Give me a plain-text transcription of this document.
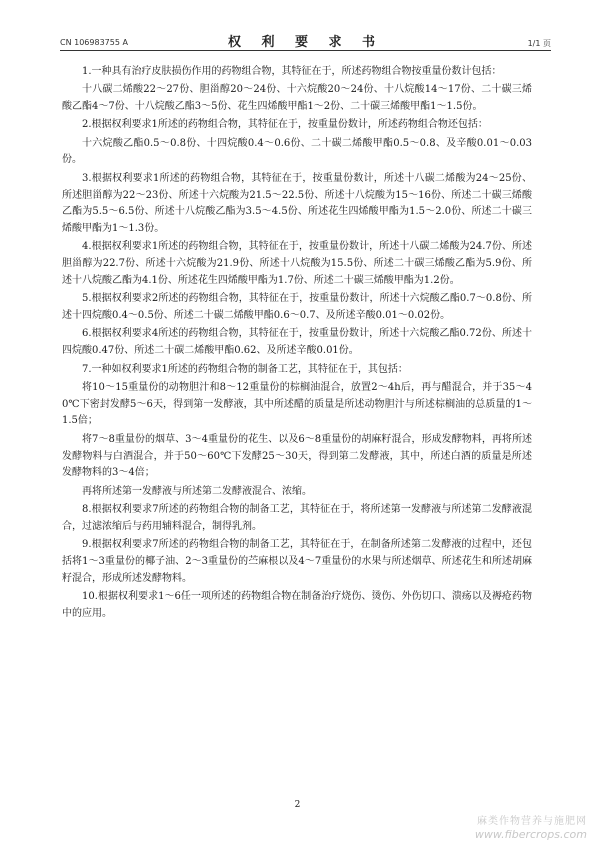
CN 106983755 A	权 利 要 求 书	1/1 页

1.一种具有治疗皮肤损伤作用的药物组合物，其特征在于，所述药物组合物按重量份数计包括：

十八碳二烯酸22～27份、胆甾醇20～24份、十六烷酸20～24份、十八烷酸14～17份、二十碳三烯酸乙酯4～7份、十八烷酸乙酯3～5份、花生四烯酸甲酯1～2份、二十碳三烯酸甲酯1～1.5份。

2.根据权利要求1所述的药物组合物，其特征在于，按重量份数计，所述药物组合物还包括：

十六烷酸乙酯0.5～0.8份、十四烷酸0.4～0.6份、二十碳二烯酸甲酯0.5～0.8、及辛酸0.01～0.03份。

3.根据权利要求1所述的药物组合物，其特征在于，按重量份数计，所述十八碳二烯酸为24～25份、所述胆甾醇为22～23份、所述十六烷酸为21.5～22.5份、所述十八烷酸为15～16份、所述二十碳三烯酸乙酯为5.5～6.5份、所述十八烷酸乙酯为3.5～4.5份、所述花生四烯酸甲酯为1.5～2.0份、所述二十碳三烯酸甲酯为1～1.3份。

4.根据权利要求1所述的药物组合物，其特征在于，按重量份数计，所述十八碳二烯酸为24.7份、所述胆甾醇为22.7份、所述十六烷酸为21.9份、所述十八烷酸为15.5份、所述二十碳三烯酸乙酯为5.9份、所述十八烷酸乙酯为4.1份、所述花生四烯酸甲酯为1.7份、所述二十碳三烯酸甲酯为1.2份。

5.根据权利要求2所述的药物组合物，其特征在于，按重量份数计，所述十六烷酸乙酯0.7～0.8份、所述十四烷酸0.4～0.5份、所述二十碳二烯酸甲酯0.6～0.7、及所述辛酸0.01～0.02份。

6.根据权利要求4所述的药物组合物，其特征在于，按重量份数计，所述十六烷酸乙酯0.72份、所述十四烷酸0.47份、所述二十碳二烯酸甲酯0.62、及所述辛酸0.01份。

7.一种如权利要求1所述的药物组合物的制备工艺，其特征在于，其包括：

将10～15重量份的动物胆汁和8～12重量份的棕榈油混合，放置2～4h后，再与醋混合，并于35～40℃下密封发酵5～6天，得到第一发酵液，其中所述醋的质量是所述动物胆汁与所述棕榈油的总质量的1～1.5倍；

将7～8重量份的烟草、3～4重量份的花生、以及6～8重量份的胡麻籽混合，形成发酵物料，再将所述发酵物料与白酒混合，并于50～60℃下发酵25～30天，得到第二发酵液，其中，所述白酒的质量是所述发酵物料的3～4倍；

再将所述第一发酵液与所述第二发酵液混合、浓缩。

8.根据权利要求7所述的药物组合物的制备工艺，其特征在于，将所述第一发酵液与所述第二发酵液混合，过滤浓缩后与药用辅料混合，制得乳剂。

9.根据权利要求7所述的药物组合物的制备工艺，其特征在于，在制备所述第二发酵液的过程中，还包括将1～3重量份的椰子油、2～3重量份的苎麻根以及4～7重量份的水果与所述烟草、所述花生和所述胡麻籽混合，形成所述发酵物料。

10.根据权利要求1～6任一项所述的药物组合物在制备治疗烧伤、烫伤、外伤切口、溃疡以及褥疮药物中的应用。

2
麻类作物营养与施肥网
www.fibercrops.com
